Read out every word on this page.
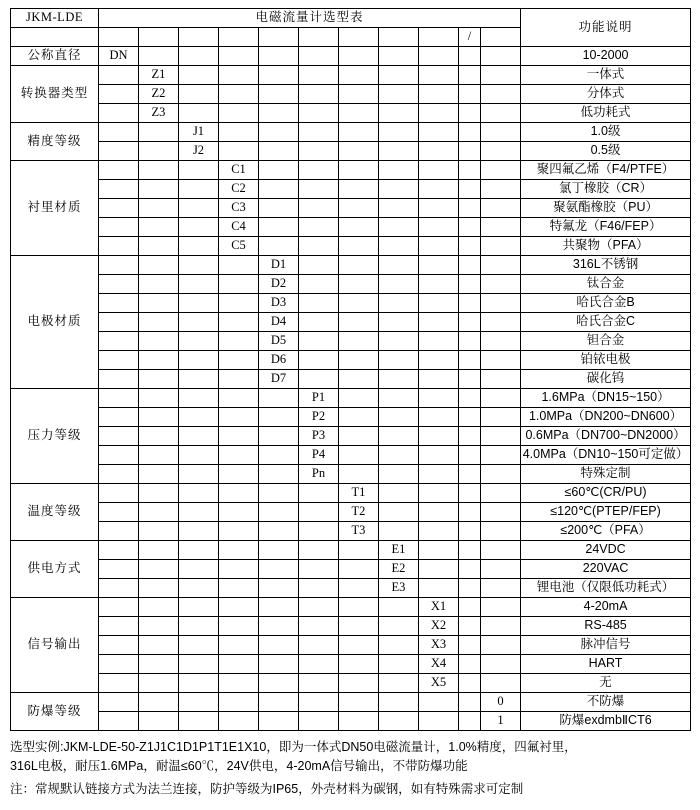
JKM-LDE	电磁流量计选型表											功能说明
										/		
公称直径	DN											10-2000
转换器类型		Z1										一体式
		Z2										分体式
		Z3										低功耗式
精度等级			J1									1.0级
			J2									0.5级
衬里材质				C1								聚四氟乙烯（F4/PTFE）
				C2								氯丁橡胶（CR）
				C3								聚氨酯橡胶（PU）
				C4								特氟龙（F46/FEP）
				C5								共聚物（PFA）
电极材质					D1							316L不锈钢
					D2							钛合金
					D3							哈氏合金B
					D4							哈氏合金C
					D5							钽合金
					D6							铂铱电极
					D7							碳化钨
压力等级						P1						1.6MPa（DN15~150）
						P2						1.0MPa（DN200~DN600）
						P3						0.6MPa（DN700~DN2000）
						P4						4.0MPa（DN10~150可定做）
						Pn						特殊定制
温度等级							T1					≤60℃(CR/PU)
							T2					≤120℃(PTEP/FEP)
							T3					≤200℃（PFA）
供电方式								E1				24VDC
								E2				220VAC
								E3				锂电池（仅限低功耗式）
信号输出									X1			4-20mA
									X2			RS-485
									X3			脉冲信号
									X4			HART
									X5			无
防爆等级											0	不防爆
											1	防爆exdmbⅡCT6
选型实例:JKM-LDE-50-Z1J1C1D1P1T1E1X10，即为一体式DN50电磁流量计，1.0%精度，四氟衬里，
316L电极，耐压1.6MPa，耐温≤60℃，24V供电，4-20mA信号输出，不带防爆功能
注：常规默认链接方式为法兰连接，防护等级为IP65，外壳材料为碳钢，如有特殊需求可定制
